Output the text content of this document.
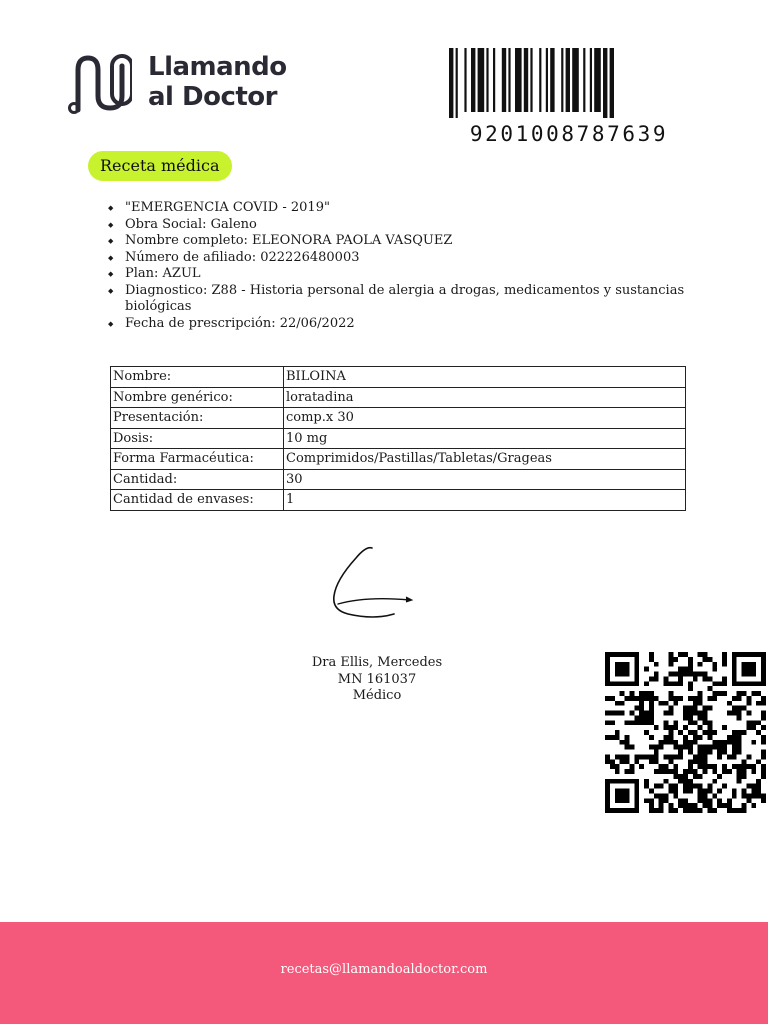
Llamando
al Doctor
9201008787639
Receta médica
◆ "EMERGENCIA COVID - 2019"
◆ Obra Social: Galeno
◆ Nombre completo: ELEONORA PAOLA VASQUEZ
◆ Número de afiliado: 022226480003
◆ Plan: AZUL
◆ Diagnostico: Z88 - Historia personal de alergia a drogas, medicamentos y sustancias biológicas
◆ Fecha de prescripción: 22/06/2022
Nombre:	BILOINA
Nombre genérico:	loratadina
Presentación:	comp.x 30
Dosis:	10 mg
Forma Farmacéutica:	Comprimidos/Pastillas/Tabletas/Grageas
Cantidad:	30
Cantidad de envases:	1
Dra Ellis, Mercedes
MN 161037
Médico
recetas@llamandoaldoctor.com
